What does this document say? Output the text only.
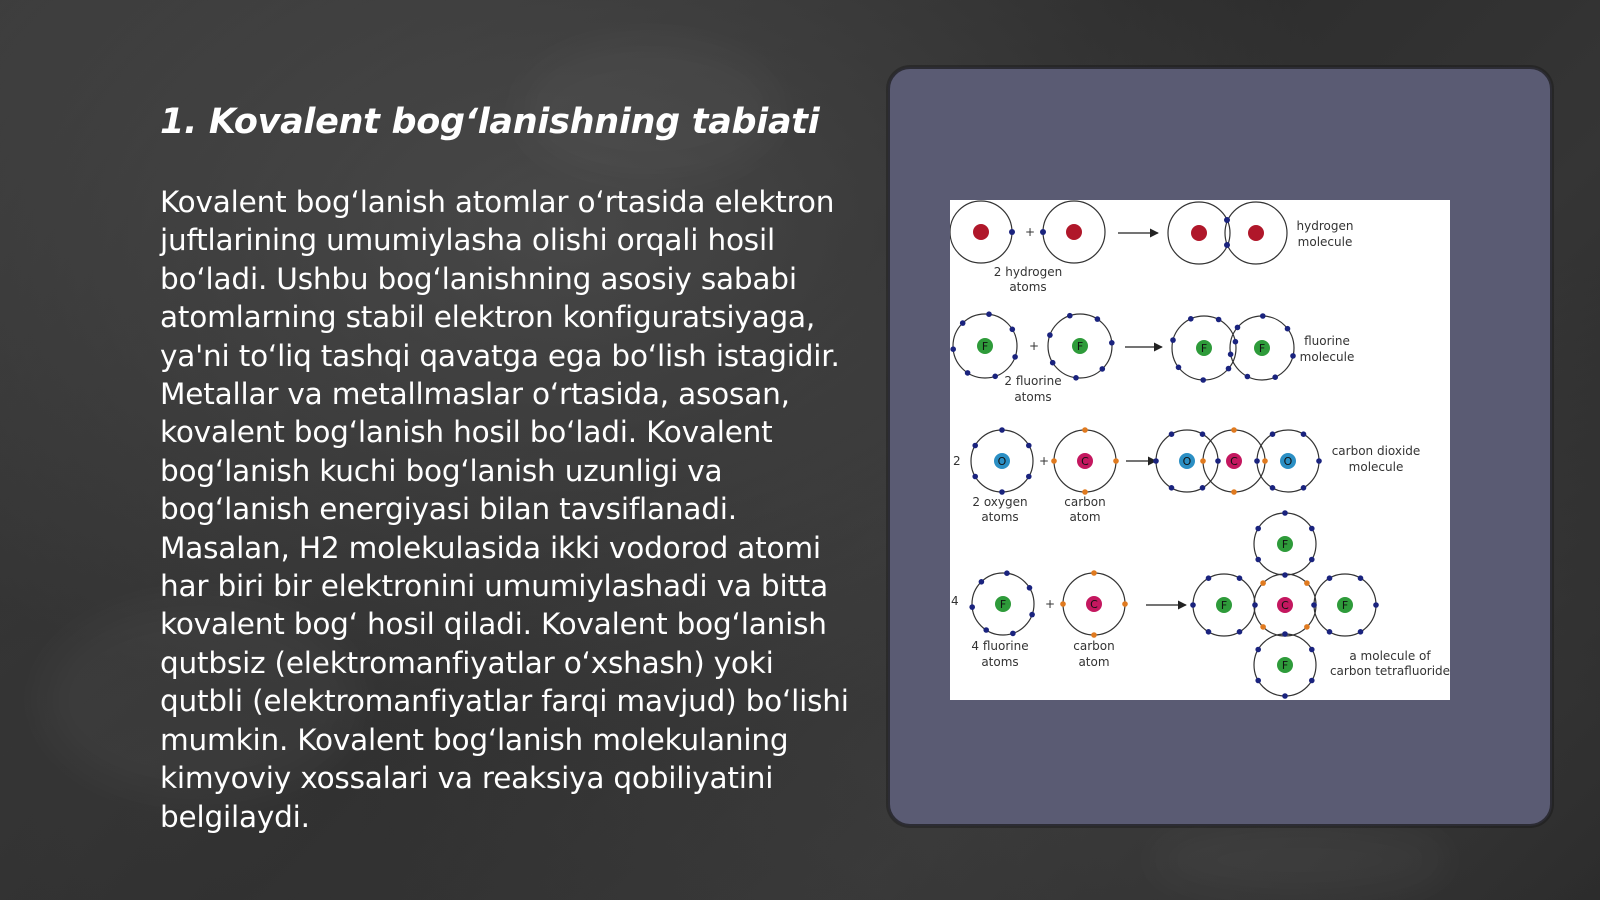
1. Kovalent bog‘lanishning tabiati

Kovalent bog‘lanish atomlar o‘rtasida elektron juftlarining umumiylasha olishi orqali hosil bo‘ladi. Ushbu bog‘lanishning asosiy sababi atomlarning stabil elektron konfiguratsiyaga, ya'ni to‘liq tashqi qavatga ega bo‘lish istagidir. Metallar va metallmaslar o‘rtasida, asosan, kovalent bog‘lanish hosil bo‘ladi. Kovalent bog‘lanish kuchi bog‘lanish uzunligi va bog‘lanish energiyasi bilan tavsiflanadi. Masalan, H2 molekulasida ikki vodorod atomi har biri bir elektronini umumiylashadi va bitta kovalent bog‘ hosil qiladi. Kovalent bog‘lanish qutbsiz (elektromanfiyatlar o‘xshash) yoki qutbli (elektromanfiyatlar farqi mavjud) bo‘lishi mumkin. Kovalent bog‘lanish molekulaning kimyoviy xossalari va reaksiya qobiliyatini belgilaydi.

+
2 hydrogen
atoms
hydrogen
molecule
F	+	F	F	F
2 fluorine
atoms
fluorine
molecule
2	O	+	C	O	C	O
2 oxygen
atoms
carbon
atom
carbon dioxide
molecule
4	F	+	C
F
F	C	F
F
4 fluorine
atoms
carbon
atom	a molecule of
carbon tetrafluoride
